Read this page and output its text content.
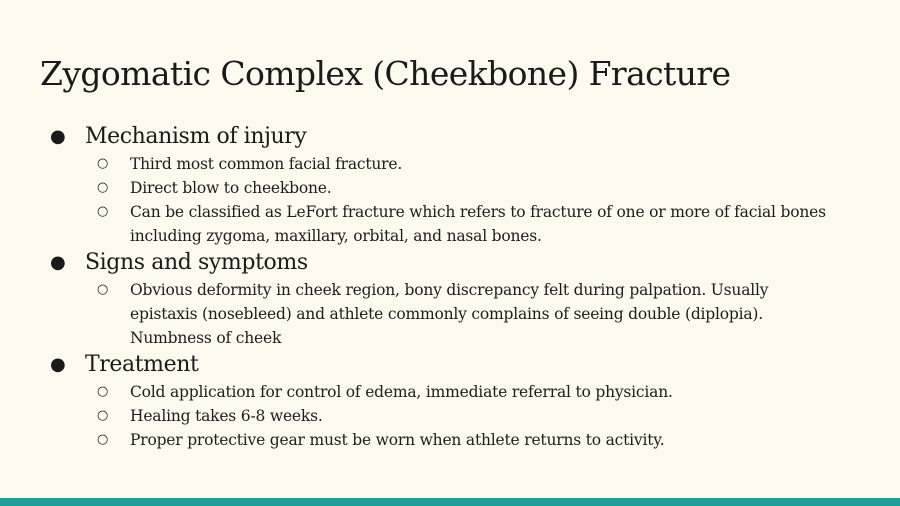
Zygomatic Complex (Cheekbone) Fracture
● Mechanism of injury
○ Third most common facial fracture.
○ Direct blow to cheekbone.
○ Can be classified as LeFort fracture which refers to fracture of one or more of facial bones including zygoma, maxillary, orbital, and nasal bones.
● Signs and symptoms
○ Obvious deformity in cheek region, bony discrepancy felt during palpation. Usually epistaxis (nosebleed) and athlete commonly complains of seeing double (diplopia). Numbness of cheek
● Treatment
○ Cold application for control of edema, immediate referral to physician.
○ Healing takes 6-8 weeks.
○ Proper protective gear must be worn when athlete returns to activity.
